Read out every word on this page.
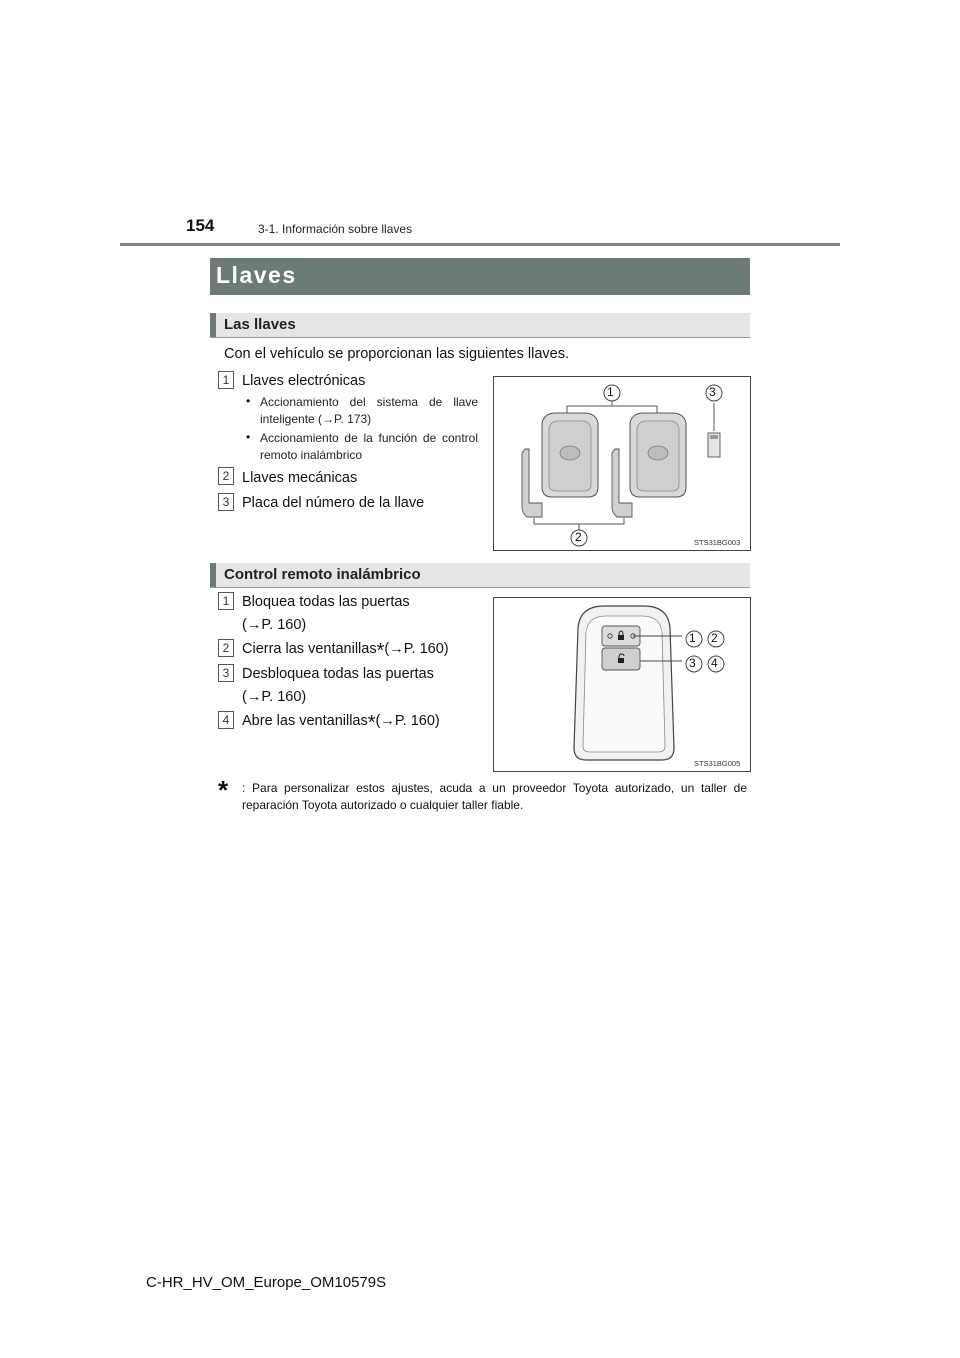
154	3-1. Información sobre llaves
Llaves
Las llaves
Con el vehículo se proporcionan las siguientes llaves.
1 Llaves electrónicas
• Accionamiento del sistema de llave inteligente (→P. 173)
• Accionamiento de la función de control remoto inalámbrico
2 Llaves mecánicas
3 Placa del número de la llave
1
2
3
STS31BG003
Control remoto inalámbrico
1 Bloquea todas las puertas
(→P. 160)
2 Cierra las ventanillas*(→P. 160)
3 Desbloquea todas las puertas
(→P. 160)
4 Abre las ventanillas*(→P. 160)
1 2
3 4
STS31BG005
* : Para personalizar estos ajustes, acuda a un proveedor Toyota autorizado, un taller de reparación Toyota autorizado o cualquier taller fiable.
C-HR_HV_OM_Europe_OM10579S
